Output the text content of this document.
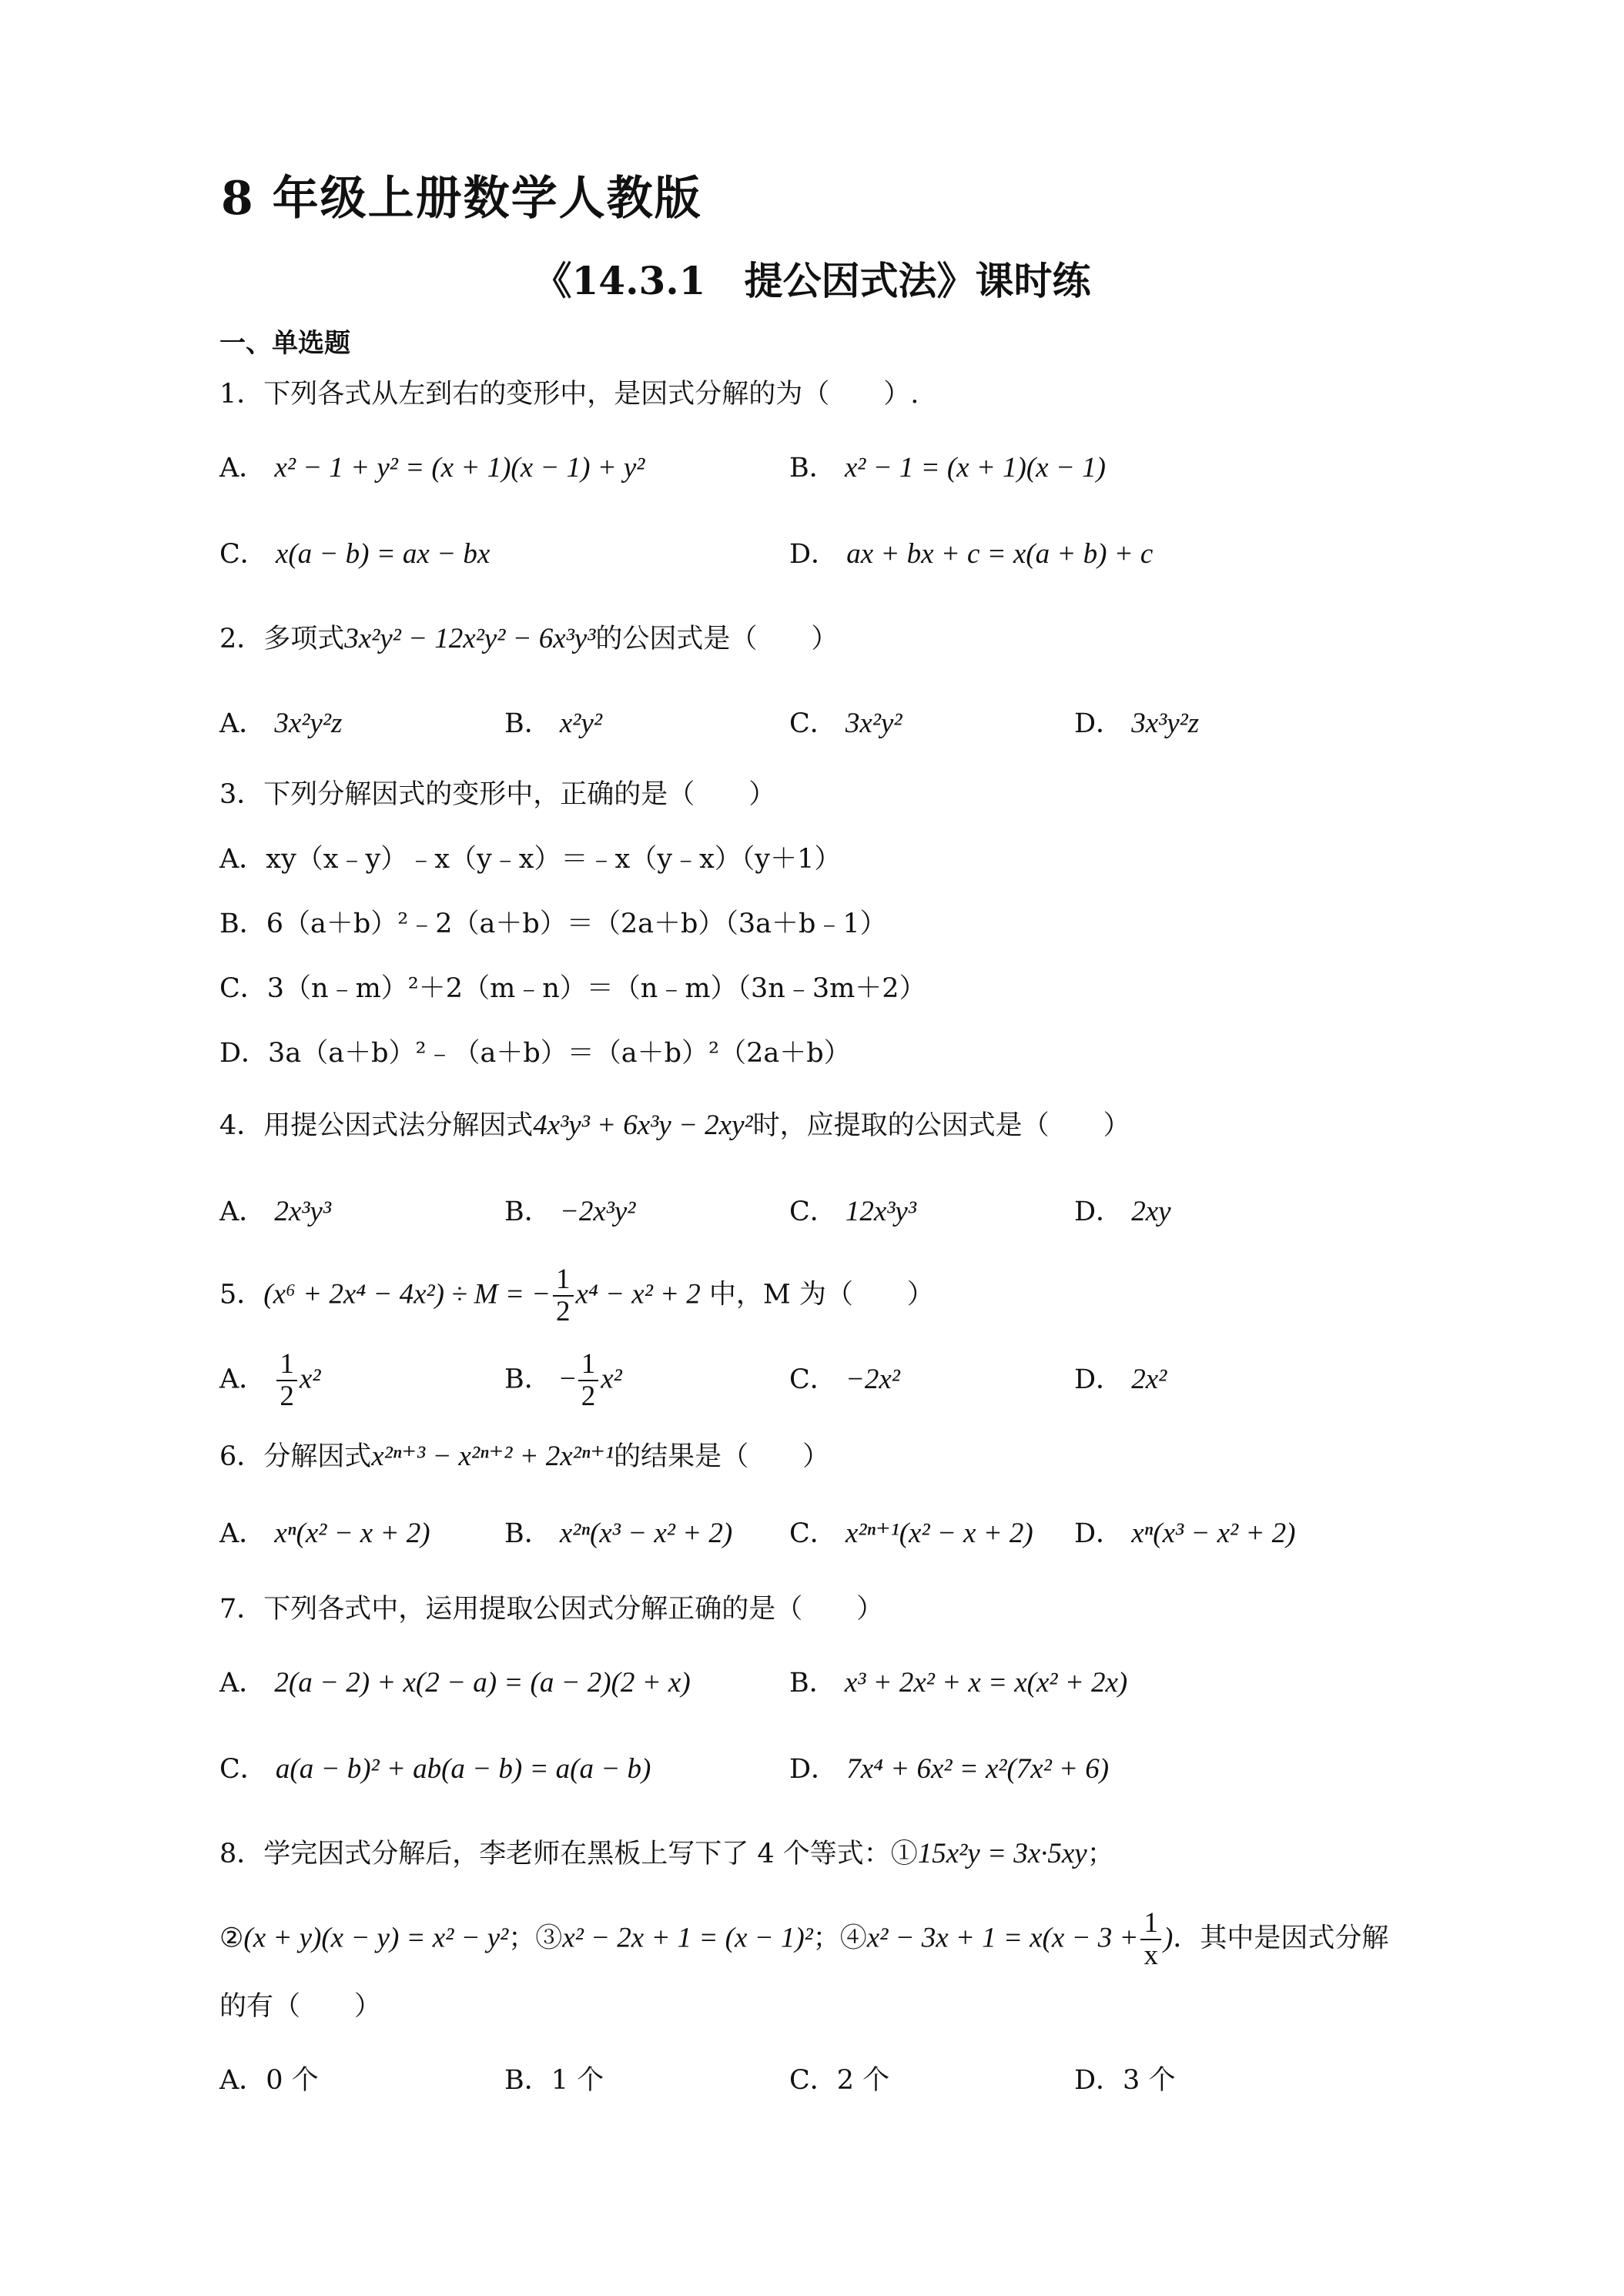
8 年级上册数学人教版
《14.3.1　提公因式法》课时练
一、单选题
1．下列各式从左到右的变形中，是因式分解的为（　　）.
A． x² − 1 + y² = (x + 1)(x − 1) + y²	B． x² − 1 = (x + 1)(x − 1)
C． x(a − b) = ax − bx	D． ax + bx + c = x(a + b) + c
2．多项式3x²y² − 12x²y² − 6x³y³的公因式是（　　）
A． 3x²y²z	B． x²y²	C． 3x²y²	D． 3x³y²z
3．下列分解因式的变形中，正确的是（　　）
A．xy（x﹣y）﹣x（y﹣x）＝﹣x（y﹣x）（y＋1）
B．6（a＋b）²﹣2（a＋b）＝（2a＋b）（3a＋b﹣1）
C．3（n﹣m）²＋2（m﹣n）＝（n﹣m）（3n﹣3m＋2）
D．3a（a＋b）²﹣（a＋b）＝（a＋b）²（2a＋b）
4．用提公因式法分解因式4x³y³ + 6x³y − 2xy²时，应提取的公因式是（　　）
A． 2x³y³	B． −2x³y²	C． 12x³y³	D． 2xy
5．(x⁶ + 2x⁴ − 4x²) ÷ M = − $\frac{1}{2} x^4 - x^2 + 2$ 中，M 为（　　）
A． $\frac{1}{2} x^2$	B． − $\frac{1}{2} x^2$	C． −2x²	D． 2x²
6．分解因式x²ⁿ⁺³ − x²ⁿ⁺² + 2x²ⁿ⁺¹的结果是（　　）
A． xⁿ(x² − x + 2)	B． x²ⁿ(x³ − x² + 2) C． x²ⁿ⁺¹(x² − x + 2) D． xⁿ(x³ − x² + 2)
7．下列各式中，运用提取公因式分解正确的是（　　）
A． 2(a − 2) + x(2 − a) = (a − 2)(2 + x)	B． x³ + 2x² + x = x(x² + 2x)
C． a(a − b)² + ab(a − b) = a(a − b)	D． 7x⁴ + 6x² = x²(7x² + 6)
8．学完因式分解后，李老师在黑板上写下了 4 个等式：①15x²y = 3x·5xy；
②(x + y)(x − y) = x² − y²；③x² − 2x + 1 = (x − 1)²；④x² − $3x + 1 = x(x - 3 + \frac{1}{x}$ )．其中是因式分解
的有（　　）
A．0 个	B．1 个	C．2 个	D．3 个
